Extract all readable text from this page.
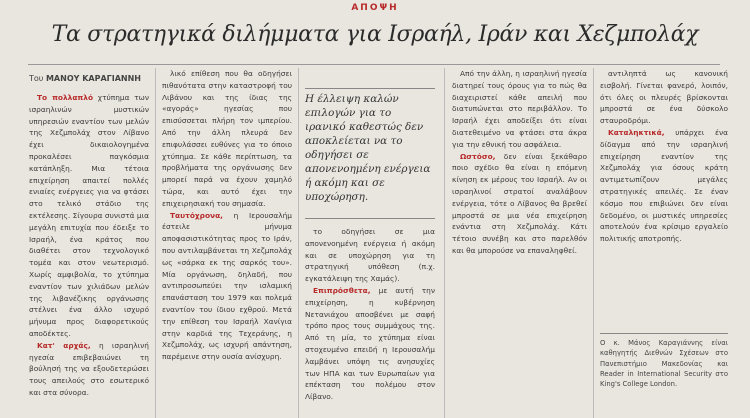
ΑΠΟΨΗ
Τα στρατηγικά διλήμματα για Ισραήλ, Ιράν και Χεζμπολάχ
Του ΜΑΝΟΥ ΚΑΡΑΓΙΑΝΝΗ

Το πολλαπλό χτύπημα των ισραηλινών μυστικών υπηρεσιών εναντίον των μελών της Χεζμπολάχ στον Λίβανο έχει δικαιολογημένα προκαλέσει παγκόσμια κατάπληξη. Μια τέτοια επιχείρηση απαιτεί πολλές ενιαίες ενέργειες για να φτάσει στο τελικό στάδιο της εκτέλεσης. Σίγουρα συνιστά μια μεγάλη επιτυχία που έδειξε το Ισραήλ, ένα κράτος που διαθέτει στον τεχνολογικό τομέα και στον νεωτερισμό. Χωρίς αμφιβολία, το χτύπημα εναντίον των χιλιάδων μελών της λιβανέζικης οργάνωσης στέλνει ένα άλλο ισχυρό μήνυμα προς διαφορετικούς αποδέκτες.

Κατ' αρχάς, η ισραηλινή ηγεσία επιβεβαιώνει τη βούλησή της να εξουδετερώσει τους απειλούς στο εσωτερικό και στα σύνορα.

λικό επίθεση που θα οδηγήσει πιθανότατα στην καταστροφή του Λιβάνου και της ίδιας της «αγοράς» ηγεσίας που επισύσσεται πλήρη τον ιμπερίου. Από την άλλη πλευρά δεν επιφυλάσσει ευθύνες για το όποιο χτύπημα. Σε κάθε περίπτωση, τα προβλήματα της οργάνωσης δεν μπορεί παρά να έχουν χαμηλό τώρα, και αυτό έχει την επιχειρησιακή του σημασία.

Ταυτόχρονα, η Ιερουσαλήμ έστειλε μήνυμα αποφασιστικότητας προς το Ιράν, που αντιλαμβάνεται τη Χεζμπολάχ ως «σάρκα εκ της σαρκός του». Μία οργάνωση, δηλαδή, που αντιπροσωπεύει την ισλαμική επανάσταση του 1979 και πολεμά εναντίον του ίδιου εχθρού. Μετά την επίθεση του Ισραήλ Χανίγια στην καρδιά της Τεχεράνης, η Χεζμπολάχ, ως ισχυρή απάντηση, παρέμεινε στην ουσία ανίσχυρη.

Η έλλειψη καλών επιλογών για το ιρανικό καθεστώς δεν αποκλείεται να το οδηγήσει σε απονενοημένη ενέργεια ή ακόμη και σε υποχώρηση.

το οδηγήσει σε μια απονενοημένη ενέργεια ή ακόμη και σε υποχώρηση για τη στρατηγική υπόθεση (π.χ. εγκατάλειψη της Χαμάς).

Επιπρόσθετα, με αυτή την επιχείρηση, η κυβέρνηση Νετανιάχου αποσβένει με σαφή τρόπο προς τους συμμάχους της. Από τη μία, το χτύπημα είναι στοχευμένο επειδή η Ιερουσαλήμ λαμβάνει υπόψη τις ανησυχίες των ΗΠΑ και των Ευρωπαίων για επέκταση του πολέμου στον Λίβανο.

Από την άλλη, η ισραηλινή ηγεσία διατηρεί τους όρους για το πώς θα διαχειριστεί κάθε απειλή που διατυπώνεται στο περιβάλλον. Το Ισραήλ έχει αποδείξει ότι είναι διατεθειμένο να φτάσει στα άκρα για την εθνική του ασφάλεια.

Ωστόσο, δεν είναι ξεκάθαρο ποιο σχέδιο θα είναι η επόμενη κίνηση εκ μέρους του Ισραήλ. Αν οι ισραηλινοί στρατοί αναλάβουν ενέργεια, τότε ο Λίβανος θα βρεθεί μπροστά σε μια νέα επιχείρηση ενάντια στη Χεζμπολάχ. Κάτι τέτοιο συνέβη και στο παρελθόν και θα μπορούσε να επαναληφθεί.

αντιληπτά ως κανονική εισβολή. Γίνεται φανερό, λοιπόν, ότι όλες οι πλευρές βρίσκονται μπροστά σε ένα δύσκολο σταυροδρόμι.

Καταληκτικά, υπάρχει ένα δίδαγμα από την ισραηλινή επιχείρηση εναντίον της Χεζμπολάχ για όσους κράτη αντιμετωπίζουν μεγάλες στρατηγικές απειλές. Σε έναν κόσμο που επιβιώνει δεν είναι δεδομένο, οι μυστικές υπηρεσίες αποτελούν ένα κρίσιμο εργαλείο πολιτικής αποτροπής.

Ο κ. Μάνος Καραγιάννης είναι καθηγητής Διεθνών Σχέσεων στο Πανεπιστήμιο Μακεδονίας και Reader in International Security στο King's College London.
